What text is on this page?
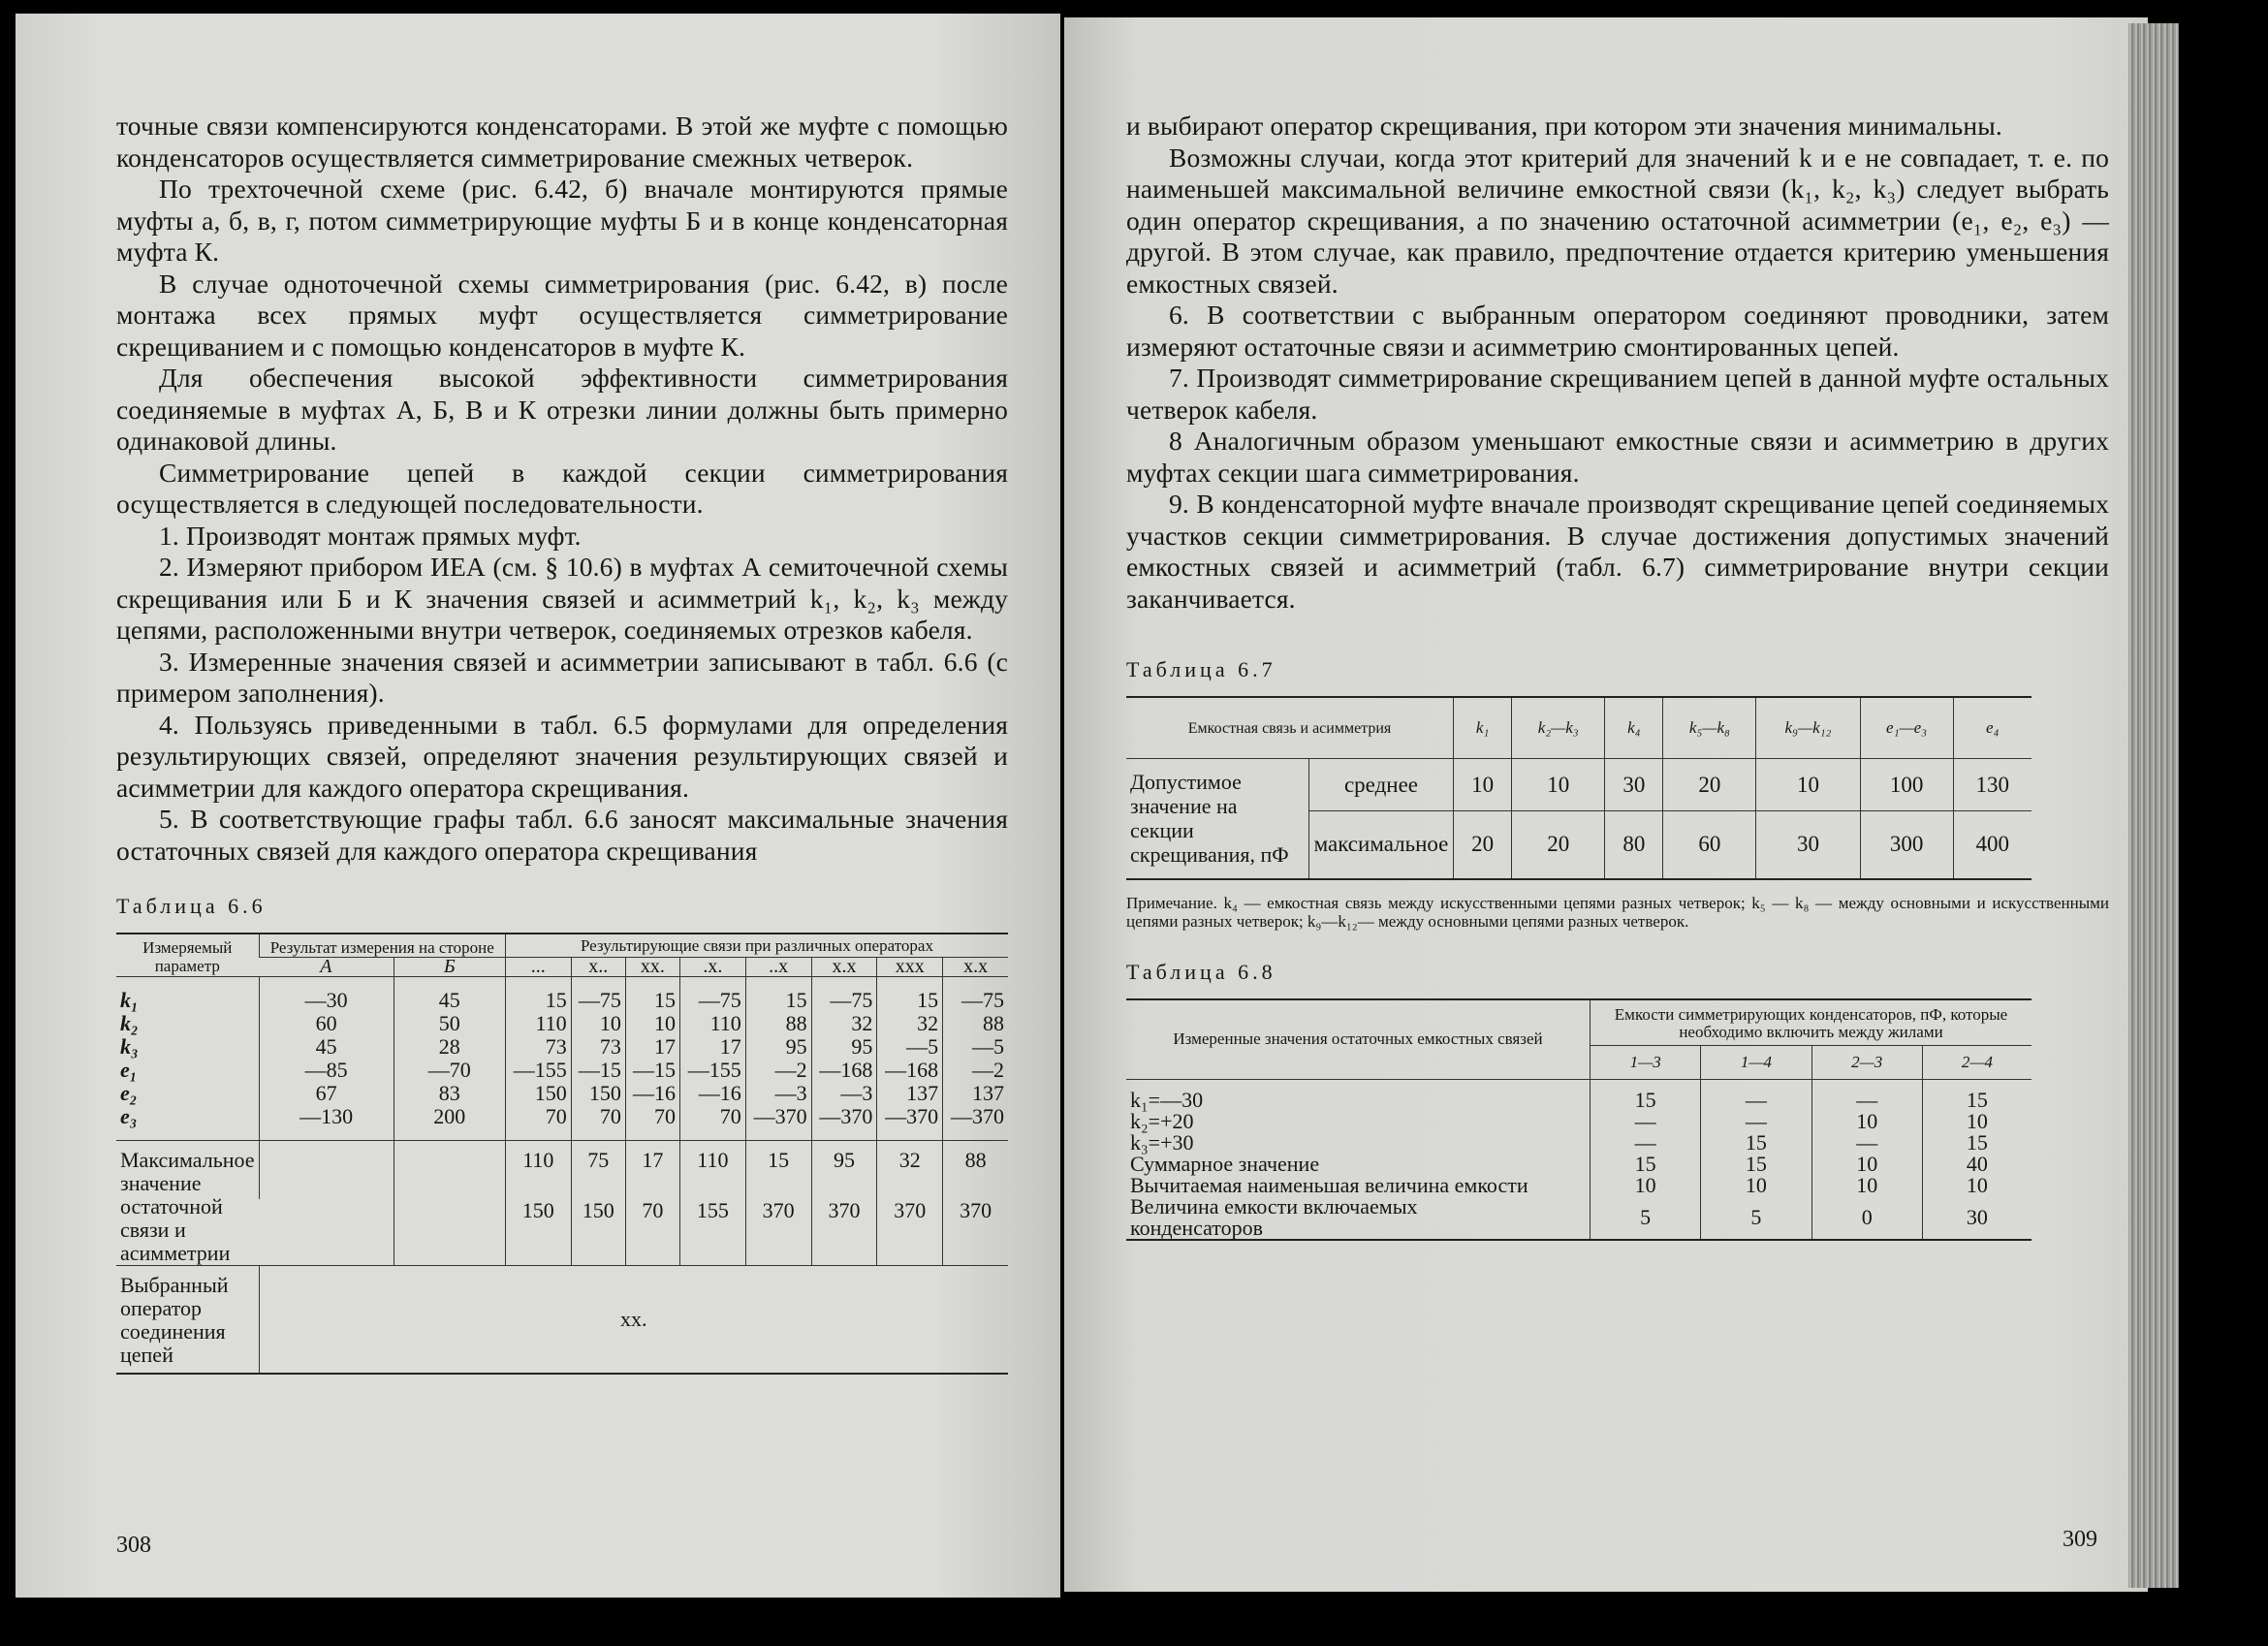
точные связи компенсируются конденсаторами. В этой же муфте с помощью конденсаторов осуществляется симметрирование смежных четверок.

По трехточечной схеме (рис. 6.42, б) вначале монтируются прямые муфты а, б, в, г, потом симметрирующие муфты Б и в конце конденсаторная муфта К.

В случае одноточечной схемы симметрирования (рис. 6.42, в) после монтажа всех прямых муфт осуществляется симметрирование скрещиванием и с помощью конденсаторов в муфте К.

Для обеспечения высокой эффективности симметрирования соединяемые в муфтах А, Б, В и К отрезки линии должны быть примерно одинаковой длины.

Симметрирование цепей в каждой секции симметрирования осуществляется в следующей последовательности.

1. Производят монтаж прямых муфт.

2. Измеряют прибором ИЕА (см. § 10.6) в муфтах А семиточечной схемы скрещивания или Б и К значения связей и асимметрий k₁, k₂, k₃ между цепями, расположенными внутри четверок, соединяемых отрезков кабеля.

3. Измеренные значения связей и асимметрии записывают в табл. 6.6 (с примером заполнения).

4. Пользуясь приведенными в табл. 6.5 формулами для определения результирующих связей, определяют значения результирующих связей и асимметрии для каждого оператора скрещивания.

5. В соответствующие графы табл. 6.6 заносят максимальные значения остаточных связей для каждого оператора скрещивания

Таблица 6.6
Измеряемый параметр	Результат измерения на стороне		Результирующие связи при различных операторах							
	А	Б	...	х..	хх.	.х.	..х	х.х	ххх	х.х
k₁	—30	45	15	—75	15	—75	15	—75	15	—75
k₂	60	50	110	10	10	110	88	32	32	88
k₃	45	28	73	73	17	17	95	95	—5	—5
e₁	—85	—70	—155	—15	—15	—155	—2	—168	—168	—2
e₂	67	83	150	150	—16	—16	—3	—3	137	137
e₃	—130	200	70	70	70	70	—370	—370	—370	—370
Максимальное значение остаточной связи и асимметрии			110	75	17	110	15	95	32	88
			150	150	70	155	370	370	370	370
Выбранный оператор соединения цепей	хх.									
308

и выбирают оператор скрещивания, при котором эти значения минимальны.

Возможны случаи, когда этот критерий для значений k и e не совпадает, т. е. по наименьшей максимальной величине емкостной связи (k₁, k₂, k₃) следует выбрать один оператор скрещивания, а по значению остаточной асимметрии (e₁, e₂, e₃) — другой. В этом случае, как правило, предпочтение отдается критерию уменьшения емкостных связей.

6. В соответствии с выбранным оператором соединяют проводники, затем измеряют остаточные связи и асимметрию смонтированных цепей.

7. Производят симметрирование скрещиванием цепей в данной муфте остальных четверок кабеля.

8 Аналогичным образом уменьшают емкостные связи и асимметрию в других муфтах секции шага симметрирования.

9. В конденсаторной муфте вначале производят скрещивание цепей соединяемых участков секции симметрирования. В случае достижения допустимых значений емкостных связей и асимметрий (табл. 6.7) симметрирование внутри секции заканчивается.

Таблица 6.7
Емкостная связь и асимметрия		k₁	k₂—k₃	k₄	k₅—k₈	k₉—k₁₂	e₁—e₃	e₄
Допустимое значение на секции скрещивания, пФ	среднее	10	10	30	20	10	100	130
	максимальное	20	20	80	60	30	300	400

Примечание. k₄ — емкостная связь между искусственными цепями разных четверок; k₅ — k₈ — между основными и искусственными цепями разных четверок; k₉—k₁₂— между основными цепями разных четверок.

Таблица 6.8
Измеренные значения остаточных емкостных связей	Емкости симметрирующих конденсаторов, пФ, которые необходимо включить между жилами			
	1—3	1—4	2—3	2—4
k₁=—30	15	—	—	15
k₂=+20	—	—	10	10
k₃=+30	—	15	—	15
Суммарное значение	15	15	10	40
Вычитаемая наименьшая величина емкости	10	10	10	10
Величина емкости включаемых конденсаторов	5	5	0	30
309
